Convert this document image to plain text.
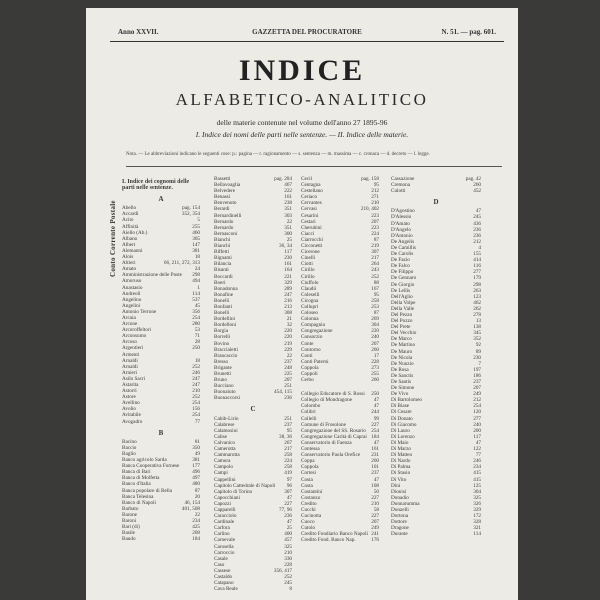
Conto Corrente Postale
Anno XXVII.	GAZZETTA DEL PROCURATORE	N. 51. — pag. 601.
INDICE
ALFABETICO-ANALITICO
delle materie contenute nel volume dell'anno 27 1895-96
I. Indice dei nomi delle parti nelle sentenze. — II. Indice delle materie.
Nota. — Le abbreviazioni indicano le seguenti cose: p.: pagina — r. ragionamento — s. sentenza — m. massima — c. cronaca — d. decreto — l. legge.
I. Indice dei cognomi delle parti nelle sentenze.
A
pag. 154
Abello
352, 354
Accardi
5
Acito
255
Affinità
460
Aiello (Ab.)
365
Albano
147
Albert
381
Alemanni
18
Alois
66, 211, 272, 313
Altieri
24
Amato
298
Amministrazione delle Poste
494
Amoruso
1
Anastasio
114
Andreoli
537
Angelino
45
Angelini
356
Antonio Terrone
254
Arcaia
280
Arcone
53
Arcoroffeltori
71
Arconsumo
28
Arcoso
250
Argentieri
Armenti
18
Arnaldi
252
Arnaldi
246
Arnieri
247
Asilo Sacri
247
Astarita
210
Astorri
252
Astore
254
Avellino
156
Avolio
254
Avitabile
77
Avogadro
B
81
Bacino
350
Baccio
49
Baglio
381
Banco agricolo Sarda
177
Banca Cooperativa Fornese
496
Banca di Bari
497
Banca di Molfetta
480
Banco d'Italia
87
Banca popolare di Bella
20
Banca Telesina
46, 154
Banco di Napoli
401, 508
Barbato
22
Barone
234
Baroni
425
Bari (di)
208
Basile
184
Baudo
pag. 204
Bassetti
467
Bellavoaglia
222
Belvedere
161
Benassi
238
Benvenuto
351
Berardi
303
Bernardinelli
22
Bernardo
351
Bernardo
300
Bernasconi
25
Bianchi
36, 34
Bianchi
117
Biffetti
230
Bignami
161
Bilancia
164
Bisanti
221
Boccardi
329
Boeri
289
Bonadonna
247
Bonafine
216
Bonelli
213
Bonfanti
308
Bonelli
21
Bordellini
32
Bordelloni
220
Borgia
220
Borrelli
219
Bovino
229
Braccialetti
22
Brancaccio
237
Bresso
248
Brigante
225
Brunetti
207
Bruno
251
Bucciano
454, 115
Buonaiuto
236
Buonaccorsi
C
251
Cabib-Lirio
237
Calabrese
95
Calamosini
38, 36
Calise
267
Calvanico
217
Camerotta
258
Cammarotta
224
Camora
258
Campolo
419
Campi
97
Cappellini
96
Capitolo Cattedrale di Napoli
307
Capitolo di Torino
47
Capocchiani
227
Capozzi
77, 96
Capparelli
236
Caracciolo
47
Cardinale
25
Carfora
400
Carlino
457
Carnevale
325
Carosella
210
Carroccio
330
Casale
228
Caso
356, 417
Cassese
252
Castaldo
245
Catapano
8
Cava Reale
pag. 158
Cecil
95
Centagna
212
Cestellano
271
Ceriaco
210
Cervantes
210, 402
Cervasi
223
Cesarini
207
Cestari
223
Cherubini
224
Ciacci
87
Ciarrocchi
219
Cicconetti
307
Cicerone
217
Cinelli
264
Ciotti
243
Cirillo
252
Cirillo
88
Ciuffolo
167
Claudii
95
Coleselli
258
Cicogna
253
Collupri
87
Coloseo
269
Colonna
304
Compagnia
220
Congregazione
240
Consorzio
207
Conte
260
Contorno
17
Conti
228
Conti Paterni
273
Coppola
255
Coppoli
260
Cerbo
250
Collegio Educatore di S. Rossi
47
Collegio di Mondragone
47
Colombo
244
Colibri
99
Collelli
227
Comune di Frosolone
254
Congregazione del SS. Rosario
184
Congregazione Carità di Caprai
47
Conservatorio di Faenza
161
Contessa
231
Conservatorio Paola Orefice
260
Coppa
101
Coppola
237
Cortesi
47
Costa
108
Costa
50
Costantini
227
Costanzo
210
Credito
58
Cucchi
227
Cucinotta
207
Cuoco
249
Cutolo
241
Credito Fondiario Banco Napoli
176
Credito Fond. Banco Nap.
pag. 42
Cassazione
260
Cremona
452
Culotti
D
47
D'Agostino
245
D'Alessio
436
D'Amato
236
D'Angelo
236
D'Antonio
212
De Angelis
4
De Camillis
155
De Carolis
414
De Fazio
116
De Falco
277
De Filippo
179
De Gennaro
298
De Giorgio
263
De Lellis
123
Dell'Aglio
462
Della Volpe
262
Della Valle
278
Del Pezzo
13
Del Pozzo
138
Del Prete
345
Del Vecchio
352
De Marco
92
De Martino
89
De Mauro
230
De Nicola
7
De Nunzio
197
De Rosa
186
De Sanctis
237
De Santis
207
De Simone
249
De Vivo
212
Di Bartolomeo
254
Di Biase
120
Di Cesare
277
Di Donato
240
Di Giacomo
200
Di Lauro
117
Di Lorenzo
47
Di Maio
122
Di Marzo
77
Di Matteo
246
Di Nardo
234
Di Palma
415
Di Stasio
415
Di Vito
125
Dini
304
Dionisi
325
Donadio
326
Donnarumma
329
Donzelli
172
Dortona
328
Dottore
321
Dragone
114
Durante
